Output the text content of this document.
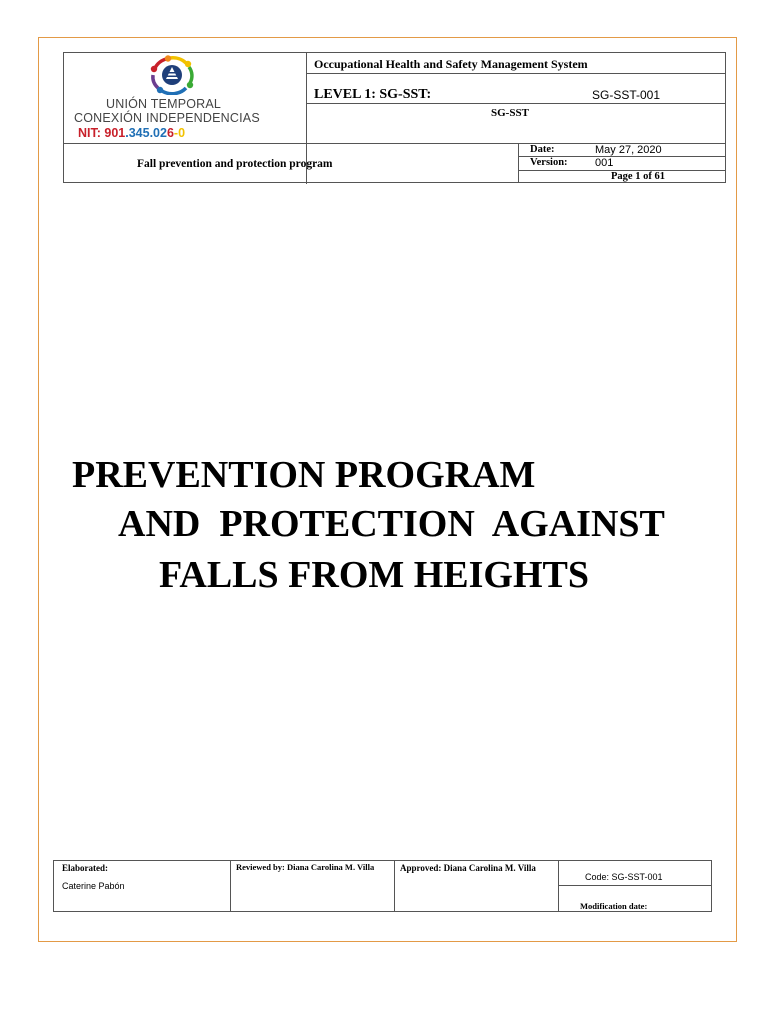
UNIÓN TEMPORAL
CONEXIÓN INDEPENDENCIAS
NIT: 901.345.026-0
Occupational Health and Safety Management System
LEVEL 1: SG-SST:	SG-SST-001
SG-SST
Fall prevention and protection program
Date:	May 27, 2020
Version: 001
Page 1 of 61
PREVENTION PROGRAM
AND  PROTECTION  AGAINST
FALLS FROM HEIGHTS
Elaborated:
Caterine Pabón
Reviewed by: Diana Carolina M. Villa	Approved: Diana Carolina M. Villa
Code: SG-SST-001
Modification date:
